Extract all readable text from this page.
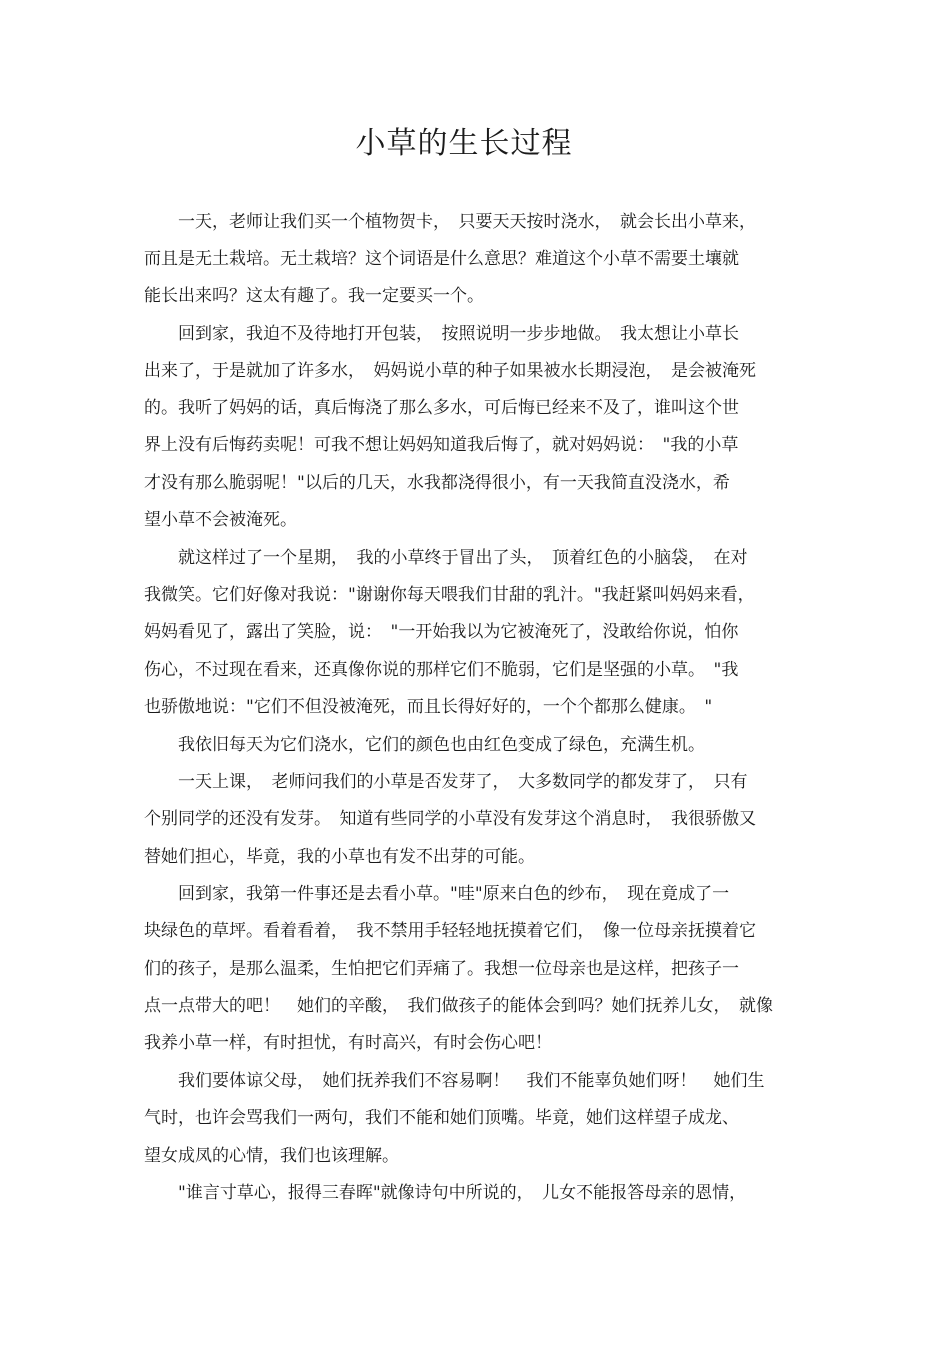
小草的生长过程
　　一天，老师让我们买一个植物贺卡，　只要天天按时浇水，　就会长出小草来，
而且是无土栽培。无土栽培？这个词语是什么意思？难道这个小草不需要土壤就
能长出来吗？这太有趣了。我一定要买一个。
　　回到家，我迫不及待地打开包装，　按照说明一步步地做。　我太想让小草长
出来了，于是就加了许多水，　妈妈说小草的种子如果被水长期浸泡，　是会被淹死
的。我听了妈妈的话，真后悔浇了那么多水，可后悔已经来不及了，谁叫这个世
界上没有后悔药卖呢！可我不想让妈妈知道我后悔了，就对妈妈说：　"我的小草
才没有那么脆弱呢！"以后的几天，水我都浇得很小，有一天我简直没浇水，希
望小草不会被淹死。
　　就这样过了一个星期，　我的小草终于冒出了头，　顶着红色的小脑袋，　在对
我微笑。它们好像对我说："谢谢你每天喂我们甘甜的乳汁。"我赶紧叫妈妈来看，
妈妈看见了，露出了笑脸，说：　"一开始我以为它被淹死了，没敢给你说，怕你
伤心，不过现在看来，还真像你说的那样它们不脆弱，它们是坚强的小草。　"我
也骄傲地说："它们不但没被淹死，而且长得好好的，一个个都那么健康。　"
　　我依旧每天为它们浇水，它们的颜色也由红色变成了绿色，充满生机。
　　一天上课，　老师问我们的小草是否发芽了，　大多数同学的都发芽了，　只有
个别同学的还没有发芽。　知道有些同学的小草没有发芽这个消息时，　我很骄傲又
替她们担心，毕竟，我的小草也有发不出芽的可能。
　　回到家，我第一件事还是去看小草。"哇"原来白色的纱布，　现在竟成了一
块绿色的草坪。看着看着，　我不禁用手轻轻地抚摸着它们，　像一位母亲抚摸着它
们的孩子，是那么温柔，生怕把它们弄痛了。我想一位母亲也是这样，把孩子一
点一点带大的吧！　她们的辛酸，　我们做孩子的能体会到吗？她们抚养儿女，　就像
我养小草一样，有时担忧，有时高兴，有时会伤心吧！
　　我们要体谅父母，　她们抚养我们不容易啊！　我们不能辜负她们呀！　她们生
气时，也许会骂我们一两句，我们不能和她们顶嘴。毕竟，她们这样望子成龙、
望女成凤的心情，我们也该理解。
　　"谁言寸草心，报得三春晖"就像诗句中所说的，　儿女不能报答母亲的恩情，
